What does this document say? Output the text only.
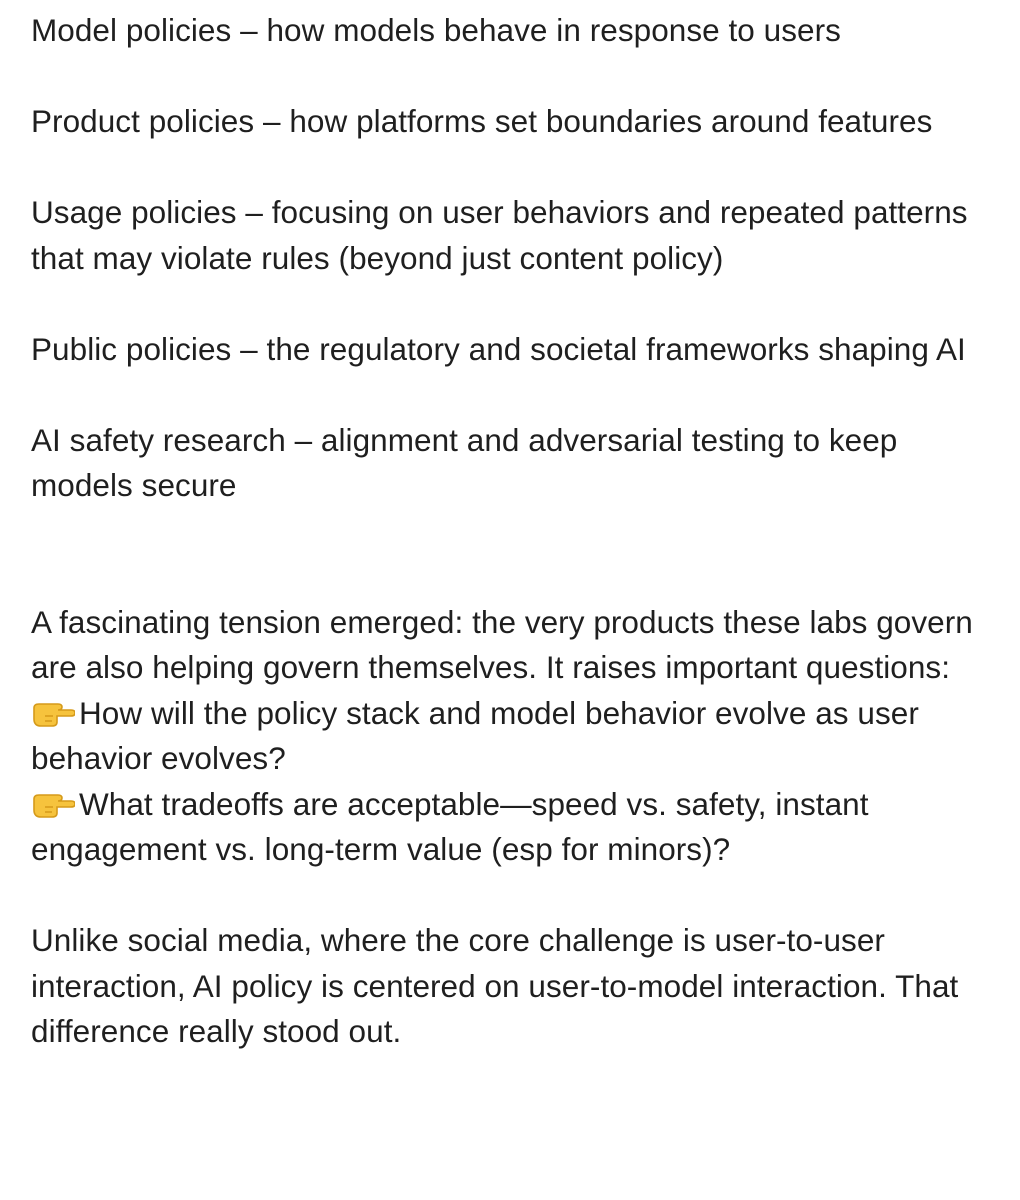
Model policies – how models behave in response to users

Product policies – how platforms set boundaries around features

Usage policies – focusing on user behaviors and repeated patterns that may violate rules (beyond just content policy)

Public policies – the regulatory and societal frameworks shaping AI

AI safety research – alignment and adversarial testing to keep models secure

A fascinating tension emerged: the very products these labs govern are also helping govern themselves. It raises important questions:
How will the policy stack and model behavior evolve as user behavior evolves?
What tradeoffs are acceptable—speed vs. safety, instant engagement vs. long-term value (esp for minors)?

Unlike social media, where the core challenge is user-to-user interaction, AI policy is centered on user-to-model interaction. That difference really stood out.
